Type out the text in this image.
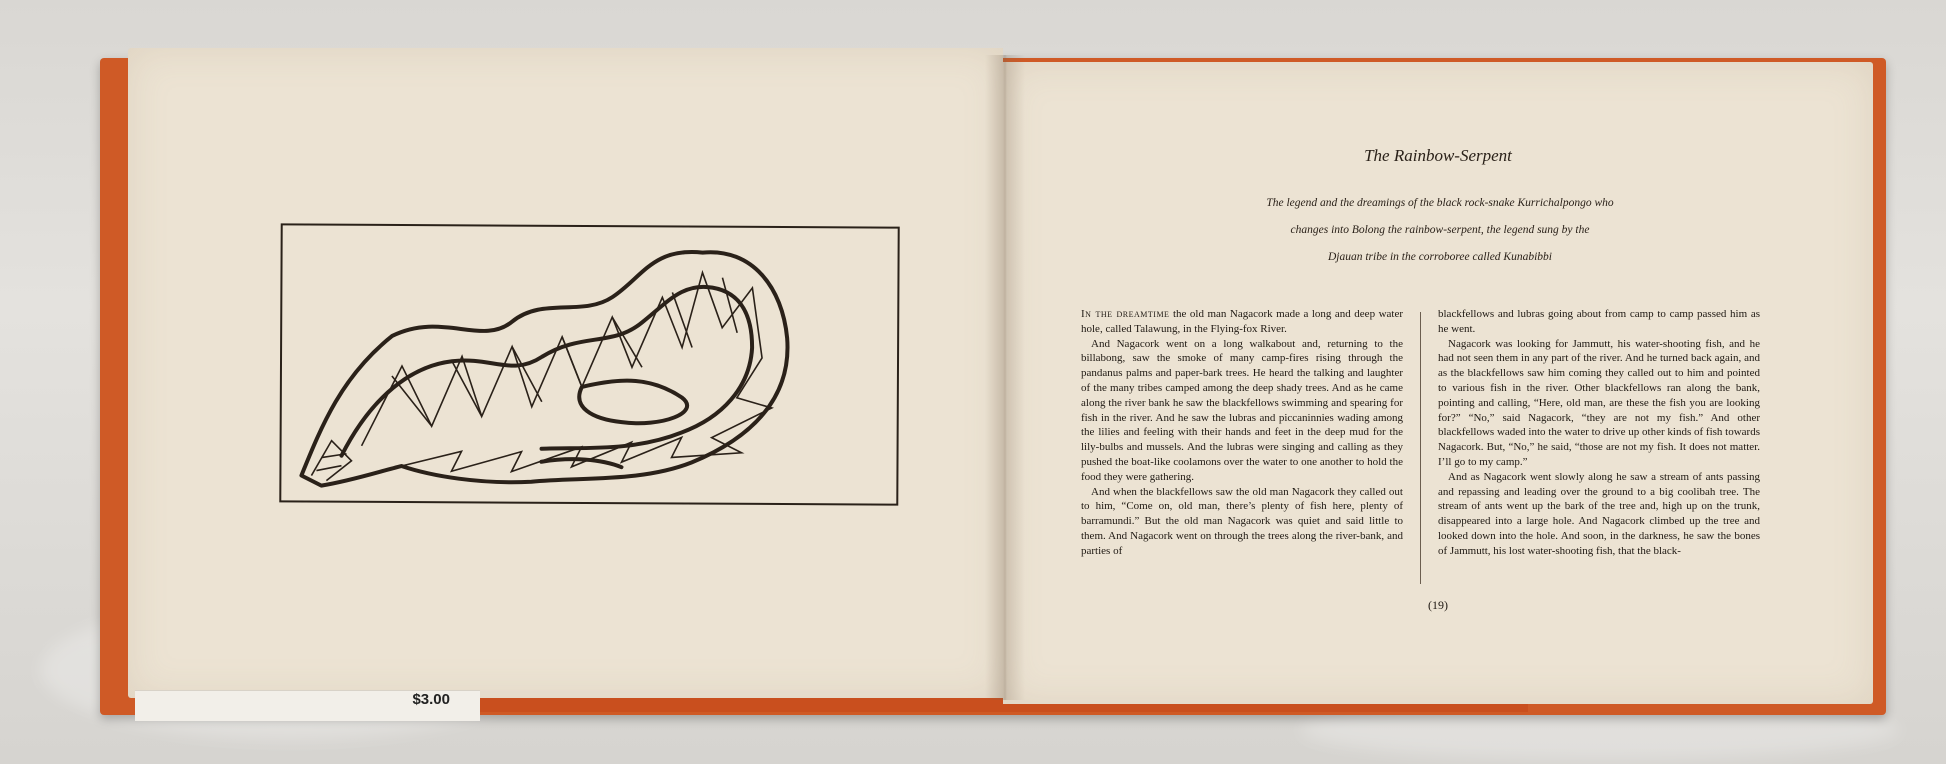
$3.00
The Rainbow-Serpent
The legend and the dreamings of the black rock-snake Kurrichalpongo who
changes into Bolong the rainbow-serpent, the legend sung by the
Djauan tribe in the corroboree called Kunabibbi

In the dreamtime the old man Nagacork made a long and deep water hole, called Talawung, in the Flying-fox River.

And Nagacork went on a long walkabout and, returning to the billabong, saw the smoke of many camp-fires rising through the pandanus palms and paper-bark trees. He heard the talking and laughter of the many tribes camped among the deep shady trees. And as he came along the river bank he saw the blackfellows swimming and spearing for fish in the river. And he saw the lubras and piccaninnies wading among the lilies and feeling with their hands and feet in the deep mud for the lily-bulbs and mussels. And the lubras were singing and calling as they pushed the boat-like coolamons over the water to one another to hold the food they were gathering.

And when the blackfellows saw the old man Nagacork they called out to him, “Come on, old man, there’s plenty of fish here, plenty of barramundi.” But the old man Nagacork was quiet and said little to them. And Nagacork went on through the trees along the river-bank, and parties of

blackfellows and lubras going about from camp to camp passed him as he went.

Nagacork was looking for Jammutt, his water-shooting fish, and he had not seen them in any part of the river. And he turned back again, and as the blackfellows saw him coming they called out to him and pointed to various fish in the river. Other blackfellows ran along the bank, pointing and calling, “Here, old man, are these the fish you are looking for?” “No,” said Nagacork, “they are not my fish.” And other blackfellows waded into the water to drive up other kinds of fish towards Nagacork. But, “No,” he said, “those are not my fish. It does not matter. I’ll go to my camp.”

And as Nagacork went slowly along he saw a stream of ants passing and repassing and leading over the ground to a big coolibah tree. The stream of ants went up the bark of the tree and, high up on the trunk, disappeared into a large hole. And Nagacork climbed up the tree and looked down into the hole. And soon, in the darkness, he saw the bones of Jammutt, his lost water-shooting fish, that the black-

(19)
